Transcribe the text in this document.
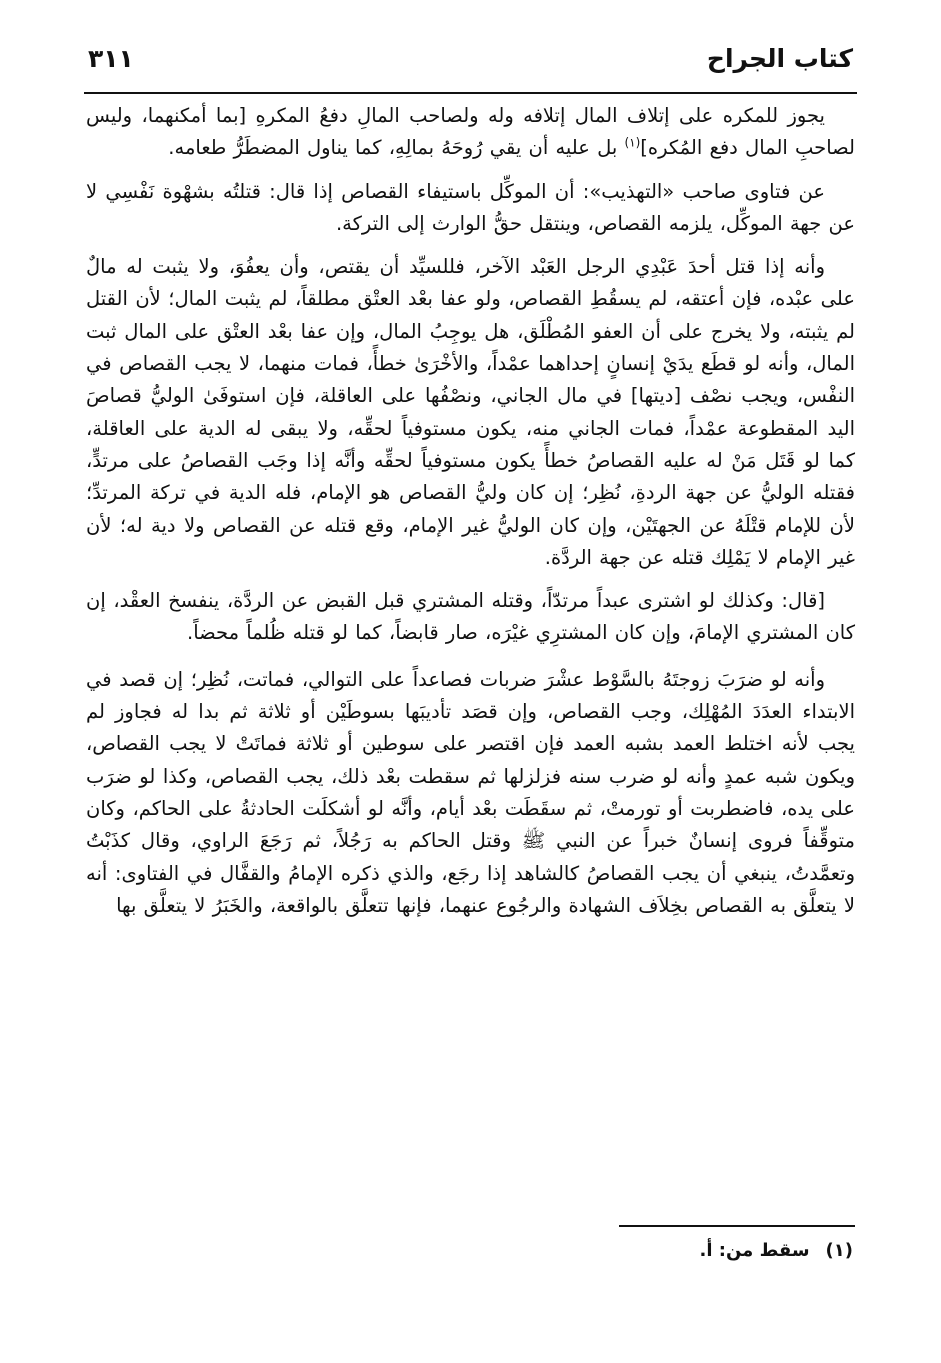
كتاب الجراح
٣١١

يجوز للمكره على إتلاف المال إتلافه وله ولصاحب المالِ دفعُ المكرهِ [بما أمكنهما، وليس لصاحبِ المال دفع المُكره]$^{(١)}$ بل عليه أن يقي رُوحَهُ بمالِهِ، كما يناول المضطَرُّ طعامه.

عن فتاوى صاحب «التهذيب»: أن الموكِّل باستيفاء القصاص إذا قال: قتلتُه بشهْوة نَفْسِي لا عن جهة الموكِّل، يلزمه القصاص، وينتقل حقُّ الوارث إلى التركة.

وأنه إذا قتل أحدَ عَبْدِي الرجل العَبْد الآخر، فللسيِّد أن يقتص، وأن يعفُوَ، ولا يثبت له مالٌ على عبْده، فإن أعتقه، لم يسقُطِ القصاص، ولو عفا بعْد العتْق مطلقاً، لم يثبت المال؛ لأن القتل لم يثبته، ولا يخرج على أن العفو المُطْلَق، هل يوجِبُ المال، وإن عفا بعْد العتْق على المال ثبت المال، وأنه لو قطَع يدَيْ إنسانٍ إحداهما عمْداً، والأخْرَىٰ خطأً، فمات منهما، لا يجب القصاص في النفْس، ويجب نصْف [ديتها] في مال الجاني، ونصْفُها على العاقلة، فإن استوفَىٰ الوليُّ قصاصَ اليد المقطوعة عمْداً، فمات الجاني منه، يكون مستوفياً لحقِّه، ولا يبقى له الدية على العاقلة، كما لو قَتَل مَنْ له عليه القصاصُ خطأً يكون مستوفياً لحقِّه وأنَّه إذا وجَب القصاصُ على مرتدٍّ، فقتله الوليُّ عن جهة الردةِ، نُظِر؛ إن كان وليُّ القصاص هو الإمام، فله الدية في تركة المرتدِّ؛ لأن للإمام قتْلَهُ عن الجهتَيْن، وإن كان الوليُّ غير الإمام، وقع قتله عن القصاص ولا دية له؛ لأن غير الإمام لا يَمْلِك قتله عن جهة الردَّة.

[قال: وكذلك لو اشترى عبداً مرتدّاً، وقتله المشتري قبل القبض عن الردَّة، ينفسخ العقْد، إن كان المشتري الإمامَ، وإن كان المشترِي غيْرَه، صار قابضاً، كما لو قتله ظُلماً محضاً.

وأنه لو ضرَبَ زوجتَهُ بالسَّوْط عشْرَ ضربات فصاعداً على التوالي، فماتت، نُظِر؛ إن قصد في الابتداء العدَدَ المُهْلِك، وجب القصاص، وإن قصَد تأديبَها بسوطَيْن أو ثلاثة ثم بدا له فجاوز لم يجب لأنه اختلط العمد بشبه العمد فإن اقتصر على سوطين أو ثلاثة فماتَتْ لا يجب القصاص، ويكون شبه عمدٍ وأنه لو ضرب سنه فزلزلها ثم سقطت بعْد ذلك، يجب القصاص، وكذا لو ضرَب على يده، فاضطربت أو تورمتْ، ثم سقَطَت بعْد أيام، وأنَّه لو أشكلَت الحادثةُ على الحاكم، وكان متوقِّفاً فروى إنسانٌ خبراً عن النبي ﷺ وقتل الحاكم به رَجُلاً، ثم رَجَعَ الراوي، وقال كذَبْتُ وتعمَّدتُ، ينبغي أن يجب القصاصُ كالشاهد إذا رجَع، والذي ذكره الإمامُ والقفَّال في الفتاوى: أنه لا يتعلَّق به القصاص بخِلاَف الشهادة والرجُوع عنهما، فإنها تتعلَّق بالواقعة، والخَبَرُ لا يتعلَّق بها

(١)سقط من: أ.
